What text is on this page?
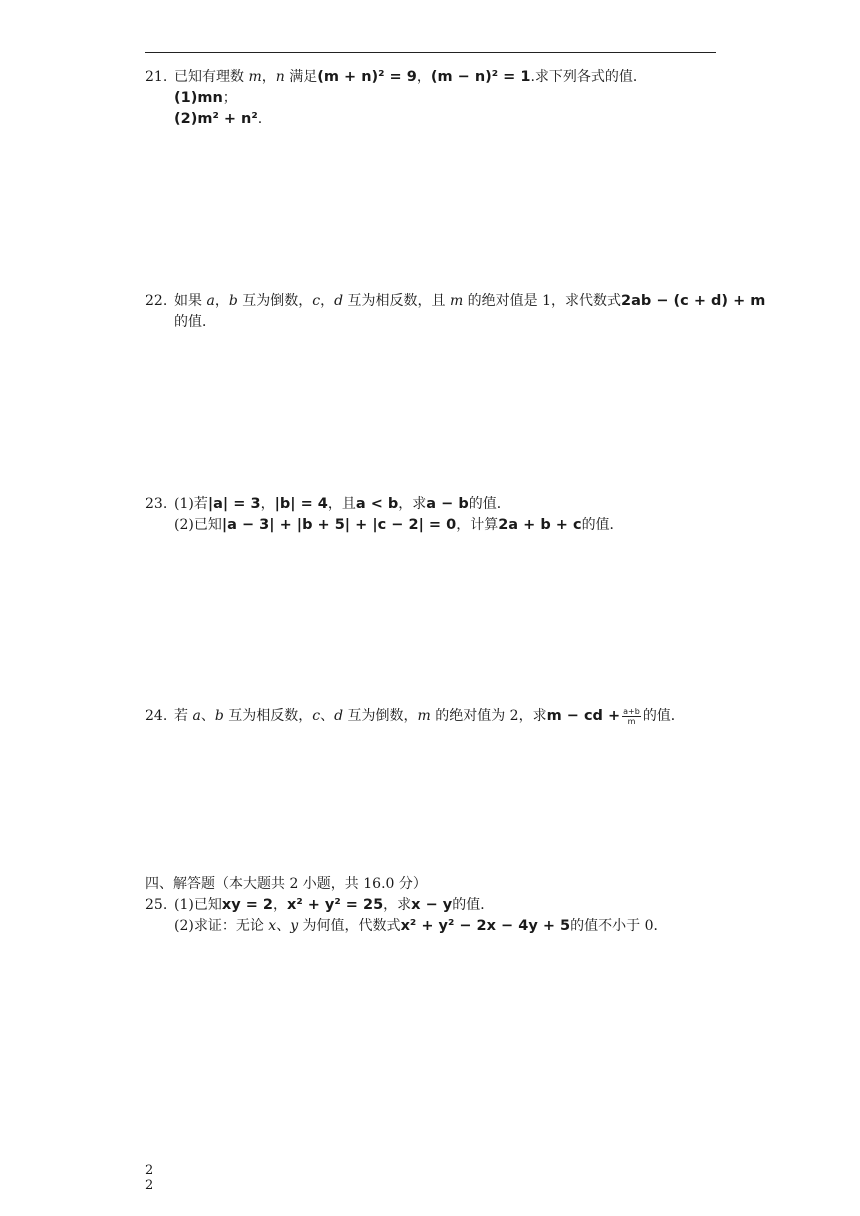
21. 已知有理数 m，n 满足(m + n)² = 9，(m − n)² = 1.求下列各式的值．
(1)mn；
(2)m² + n².
22. 如果 a，b 互为倒数，c，d 互为相反数，且 m 的绝对值是 1，求代数式2ab − (c + d) + m
的值．
23. (1)若|a| = 3，|b| = 4，且a < b，求a − b的值．
(2)已知|a − 3| + |b + 5| + |c − 2| = 0，计算2a + b + c的值．
24. 若 a、b 互为相反数，c、d 互为倒数，m 的绝对值为 2，求m − cd + $\frac{a+b}{m}$ 的值．
四、解答题（本大题共 2 小题，共 16.0 分）
25. (1)已知xy = 2，x² + y² = 25，求x − y的值．
(2)求证：无论 x、y 为何值，代数式x² + y² − 2x − 4y + 5的值不小于 0．
2
2
